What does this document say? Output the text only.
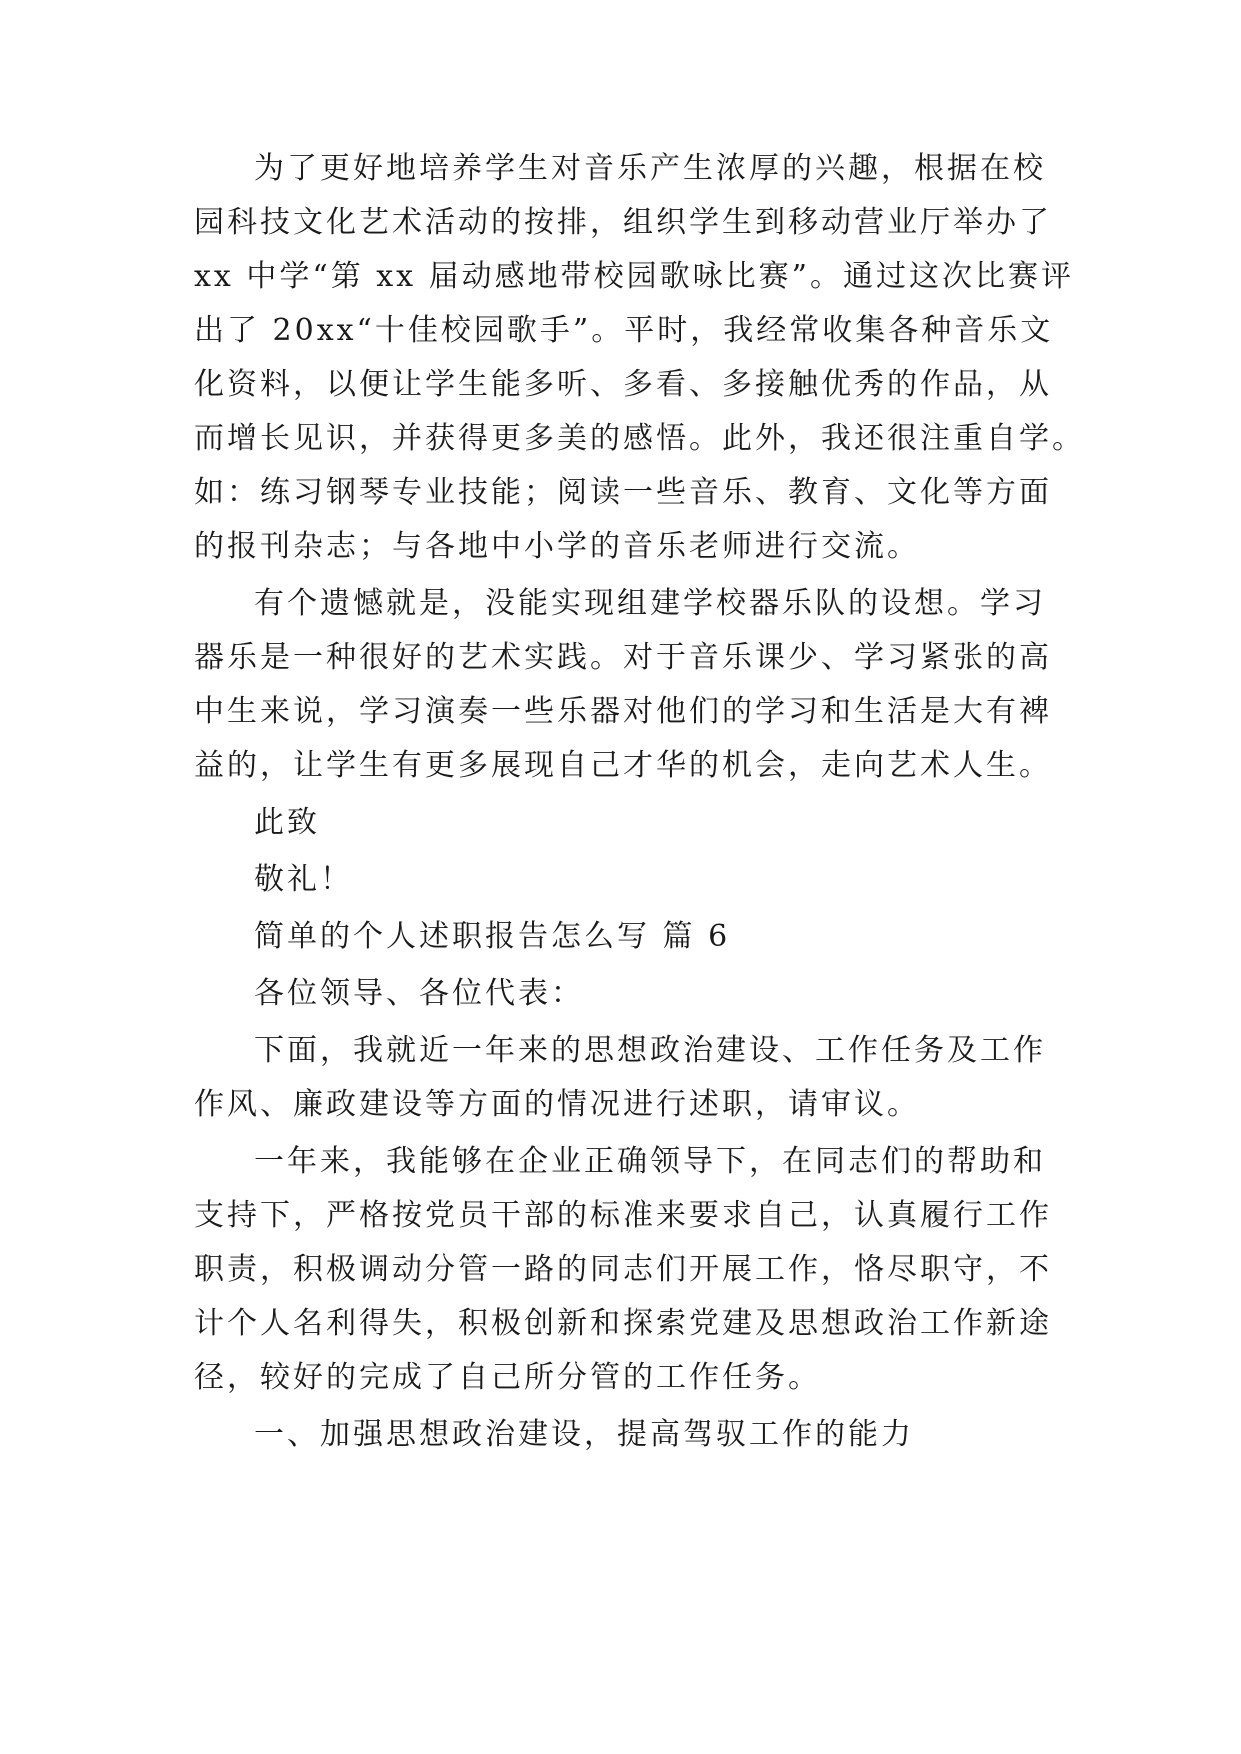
为了更好地培养学生对音乐产生浓厚的兴趣，根据在校
园科技文化艺术活动的按排，组织学生到移动营业厅举办了
xx 中学“第 xx 届动感地带校园歌咏比赛”。通过这次比赛评
出了 20xx“十佳校园歌手”。平时，我经常收集各种音乐文
化资料，以便让学生能多听、多看、多接触优秀的作品，从
而增长见识，并获得更多美的感悟。此外，我还很注重自学。
如：练习钢琴专业技能；阅读一些音乐、教育、文化等方面
的报刊杂志；与各地中小学的音乐老师进行交流。
有个遗憾就是，没能实现组建学校器乐队的设想。学习
器乐是一种很好的艺术实践。对于音乐课少、学习紧张的高
中生来说，学习演奏一些乐器对他们的学习和生活是大有裨
益的，让学生有更多展现自己才华的机会，走向艺术人生。
此致
敬礼！
简单的个人述职报告怎么写 篇 6
各位领导、各位代表：
下面，我就近一年来的思想政治建设、工作任务及工作
作风、廉政建设等方面的情况进行述职，请审议。
一年来，我能够在企业正确领导下，在同志们的帮助和
支持下，严格按党员干部的标准来要求自己，认真履行工作
职责，积极调动分管一路的同志们开展工作，恪尽职守，不
计个人名利得失，积极创新和探索党建及思想政治工作新途
径，较好的完成了自己所分管的工作任务。
一、加强思想政治建设，提高驾驭工作的能力
